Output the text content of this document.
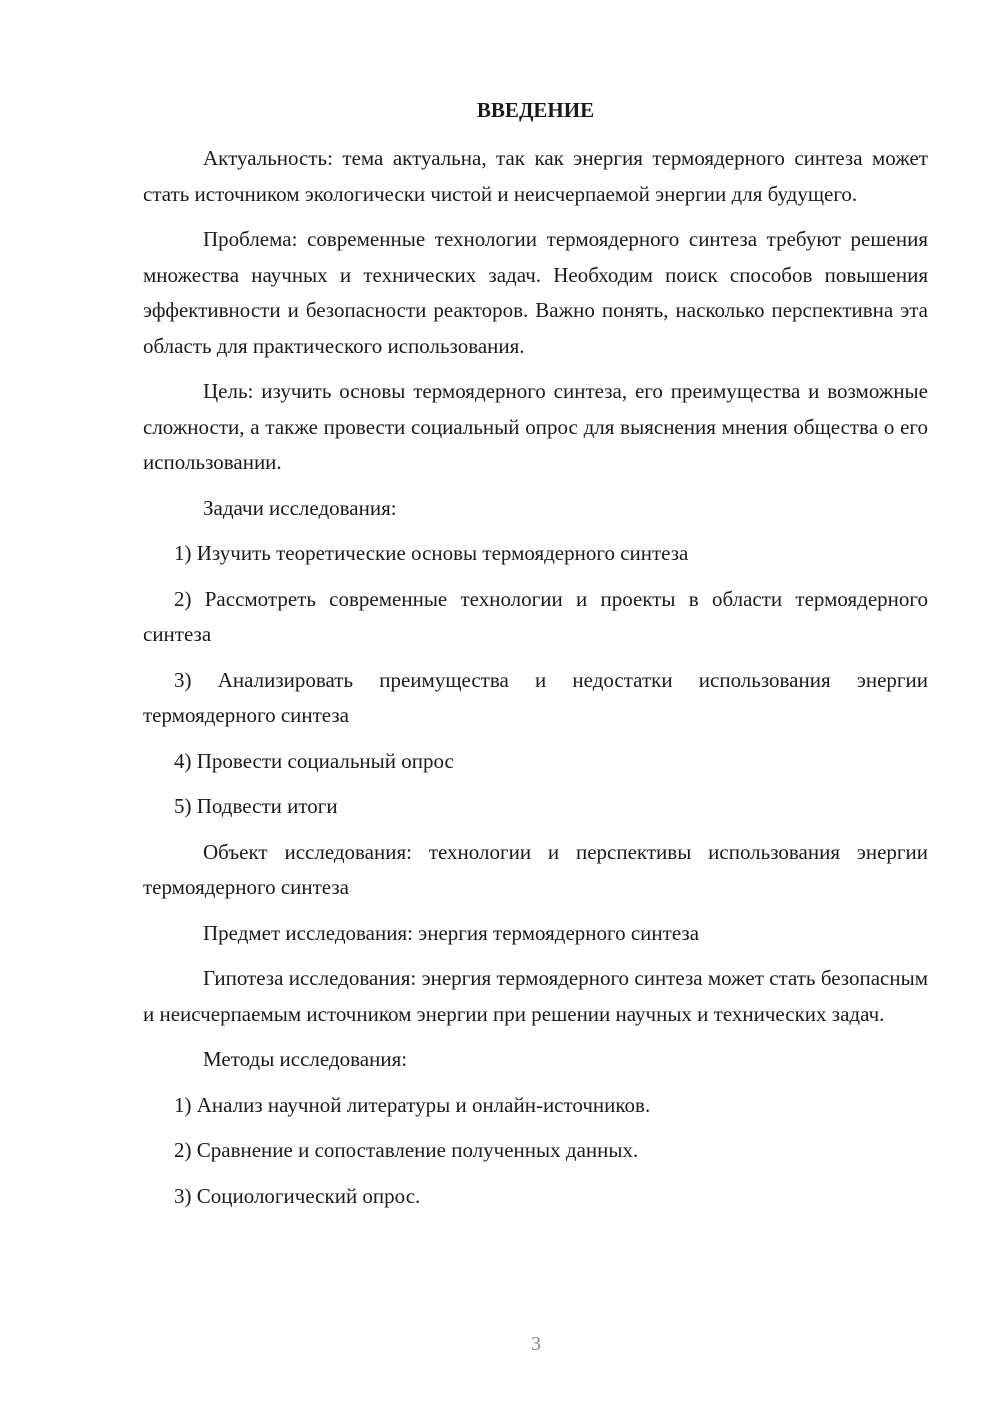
ВВЕДЕНИЕ

Актуальность: тема актуальна, так как энергия термоядерного синтеза может стать источником экологически чистой и неисчерпаемой энергии для будущего.

Проблема: современные технологии термоядерного синтеза требуют решения множества научных и технических задач. Необходим поиск способов повышения эффективности и безопасности реакторов. Важно понять, насколько перспективна эта область для практического использования.

Цель: изучить основы термоядерного синтеза, его преимущества и возможные сложности, а также провести социальный опрос для выяснения мнения общества о его использовании.

Задачи исследования:

1) Изучить теоретические основы термоядерного синтеза

2) Рассмотреть современные технологии и проекты в области термоядерного синтеза

3) Анализировать преимущества и недостатки использования энергии термоядерного синтеза

4) Провести социальный опрос

5) Подвести итоги

Объект исследования: технологии и перспективы использования энергии термоядерного синтеза

Предмет исследования: энергия термоядерного синтеза

Гипотеза исследования: энергия термоядерного синтеза может стать безопасным и неисчерпаемым источником энергии при решении научных и технических задач.

Методы исследования:

1) Анализ научной литературы и онлайн-источников.

2) Сравнение и сопоставление полученных данных.

3) Социологический опрос.

3
